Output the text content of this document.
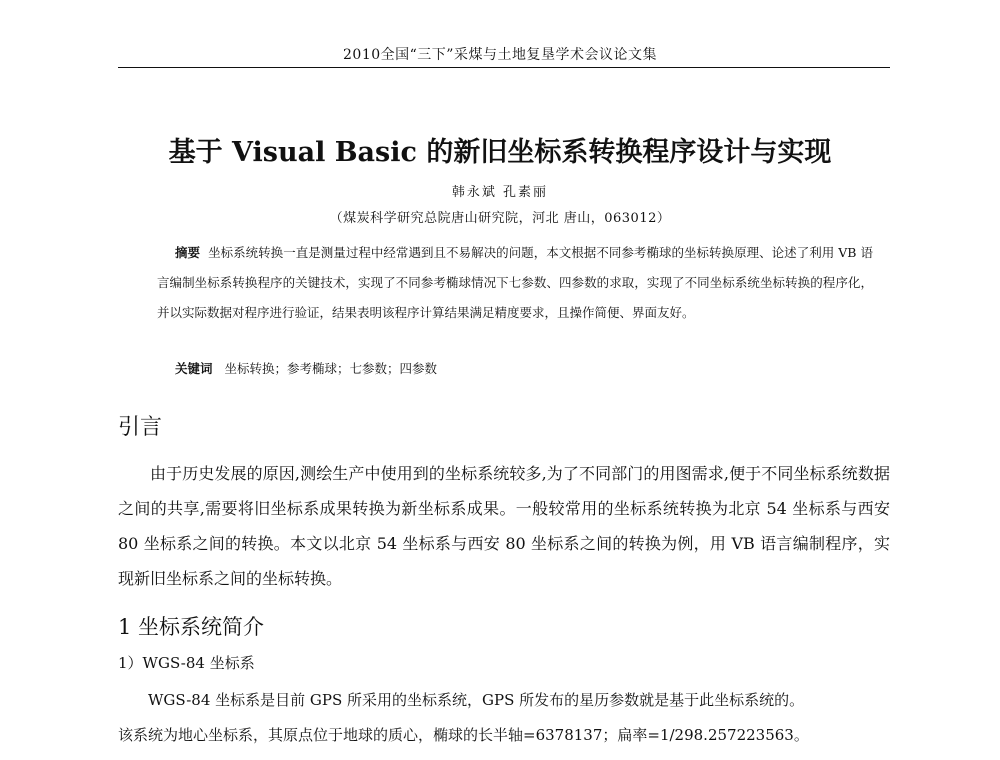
2010全国“三下”采煤与土地复垦学术会议论文集
基于 Visual Basic 的新旧坐标系转换程序设计与实现
韩永斌 孔素丽
（煤炭科学研究总院唐山研究院，河北 唐山，063012）
摘要 坐标系统转换一直是测量过程中经常遇到且不易解决的问题，本文根据不同参考椭球的坐标转换原理、论述了利用 VB 语言编制坐标系转换程序的关键技术，实现了不同参考椭球情况下七参数、四参数的求取，实现了不同坐标系统坐标转换的程序化，并以实际数据对程序进行验证，结果表明该程序计算结果满足精度要求，且操作简便、界面友好。
关键词 坐标转换；参考椭球；七参数；四参数
引言
由于历史发展的原因,测绘生产中使用到的坐标系统较多,为了不同部门的用图需求,便于不同坐标系统数据之间的共享,需要将旧坐标系成果转换为新坐标系成果。一般较常用的坐标系统转换为北京 54 坐标系与西安 80 坐标系之间的转换。本文以北京 54 坐标系与西安 80 坐标系之间的转换为例，用 VB 语言编制程序，实现新旧坐标系之间的坐标转换。
1 坐标系统简介
1）WGS-84 坐标系
WGS-84 坐标系是目前 GPS 所采用的坐标系统，GPS 所发布的星历参数就是基于此坐标系统的。
该系统为地心坐标系，其原点位于地球的质心，椭球的长半轴=6378137；扁率=1/298.257223563。
